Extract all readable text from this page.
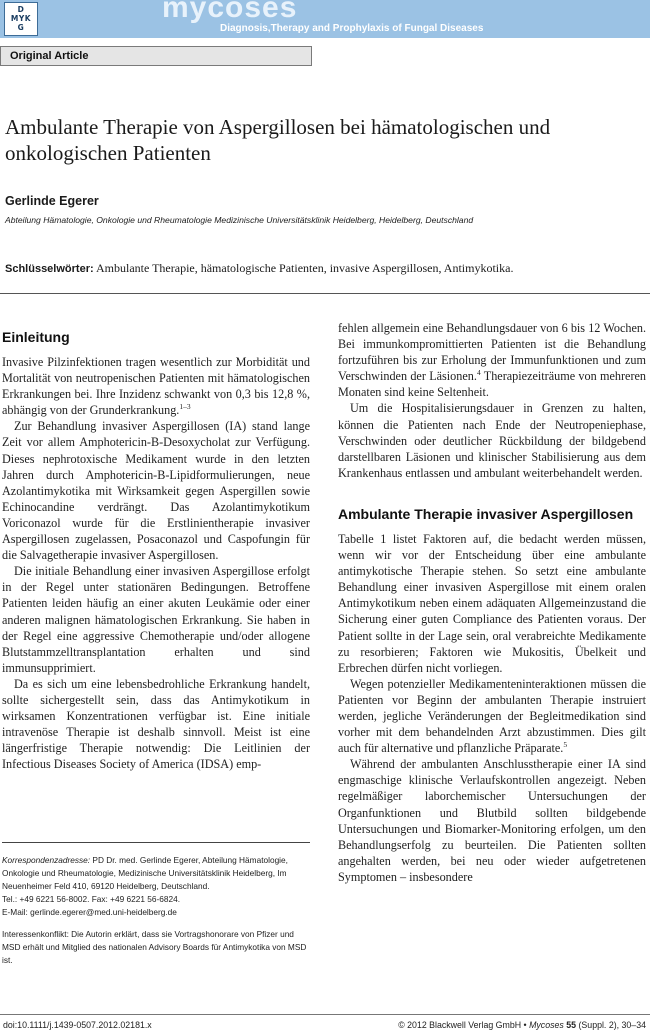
D
MYK
G
mycoses
Diagnosis,Therapy and Prophylaxis of Fungal Diseases
Original Article
Ambulante Therapie von Aspergillosen bei hämatologischen und onkologischen Patienten
Gerlinde Egerer
Abteilung Hämatologie, Onkologie und Rheumatologie Medizinische Universitätsklinik Heidelberg, Heidelberg, Deutschland
Schlüsselwörter: Ambulante Therapie, hämatologische Patienten, invasive Aspergillosen, Antimykotika.
Einleitung

Invasive Pilzinfektionen tragen wesentlich zur Morbidität und Mortalität von neutropenischen Patienten mit hämatologischen Erkrankungen bei. Ihre Inzidenz schwankt von 0,3 bis 12,8 %, abhängig von der Grunderkrankung.$^{1-3}$

Zur Behandlung invasiver Aspergillosen (IA) stand lange Zeit vor allem Amphotericin-B-Desoxycholat zur Verfügung. Dieses nephrotoxische Medikament wurde in den letzten Jahren durch Amphotericin-B-Lipidformulierungen, neue Azolantimykotika mit Wirksamkeit gegen Aspergillen sowie Echinocandine verdrängt. Das Azolantimykotikum Voriconazol wurde für die Erstlinientherapie invasiver Aspergillosen zugelassen, Posaconazol und Caspofungin für die Salvagetherapie invasiver Aspergillosen.

Die initiale Behandlung einer invasiven Aspergillose erfolgt in der Regel unter stationären Bedingungen. Betroffene Patienten leiden häufig an einer akuten Leukämie oder einer anderen malignen hämatologischen Erkrankung. Sie haben in der Regel eine aggressive Chemotherapie und/oder allogene Blutstammzelltransplantation erhalten und sind immunsupprimiert.

Da es sich um eine lebensbedrohliche Erkrankung handelt, sollte sichergestellt sein, dass das Antimykotikum in wirksamen Konzentrationen verfügbar ist. Eine initiale intravenöse Therapie ist deshalb sinnvoll. Meist ist eine längerfristige Therapie notwendig: Die Leitlinien der Infectious Diseases Society of America (IDSA) emp-

fehlen allgemein eine Behandlungsdauer von 6 bis 12 Wochen. Bei immunkompromittierten Patienten ist die Behandlung fortzuführen bis zur Erholung der Immunfunktionen und zum Verschwinden der Läsionen.$^4$ Therapiezeiträume von mehreren Monaten sind keine Seltenheit.

Um die Hospitalisierungsdauer in Grenzen zu halten, können die Patienten nach Ende der Neutropeniephase, Verschwinden oder deutlicher Rückbildung der bildgebend darstellbaren Läsionen und klinischer Stabilisierung aus dem Krankenhaus entlassen und ambulant weiterbehandelt werden.

Ambulante Therapie invasiver Aspergillosen

Tabelle 1 listet Faktoren auf, die bedacht werden müssen, wenn wir vor der Entscheidung über eine ambulante antimykotische Therapie stehen. So setzt eine ambulante Behandlung einer invasiven Aspergillose mit einem oralen Antimykotikum neben einem adäquaten Allgemeinzustand die Sicherung einer guten Compliance des Patienten voraus. Der Patient sollte in der Lage sein, oral verabreichte Medikamente zu resorbieren; Faktoren wie Mukositis, Übelkeit und Erbrechen dürfen nicht vorliegen.

Wegen potenzieller Medikamenteninteraktionen müssen die Patienten vor Beginn der ambulanten Therapie instruiert werden, jegliche Veränderungen der Begleitmedikation sind vorher mit dem behandelnden Arzt abzustimmen. Dies gilt auch für alternative und pflanzliche Präparate.$^5$

Während der ambulanten Anschlusstherapie einer IA sind engmaschige klinische Verlaufskontrollen angezeigt. Neben regelmäßiger laborchemischer Untersuchungen der Organfunktionen und Blutbild sollten bildgebende Untersuchungen und Biomarker-Monitoring erfolgen, um den Behandlungserfolg zu beurteilen. Die Patienten sollten angehalten werden, bei neu oder wieder aufgetretenen Symptomen – insbesondere

Korrespondenzadresse: PD Dr. med. Gerlinde Egerer, Abteilung Hämatologie, Onkologie und Rheumatologie, Medizinische Universitätsklinik Heidelberg, Im Neuenheimer Feld 410, 69120 Heidelberg, Deutschland.
Tel.: +49 6221 56-8002. Fax: +49 6221 56-6824.
E-Mail: gerlinde.egerer@med.uni-heidelberg.de
Interessenkonflikt: Die Autorin erklärt, dass sie Vortragshonorare von Pfizer und MSD erhält und Mitglied des nationalen Advisory Boards für Antimykotika von MSD ist.
doi:10.1111/j.1439-0507.2012.02181.x	© 2012 Blackwell Verlag GmbH • Mycoses 55 (Suppl. 2), 30–34
